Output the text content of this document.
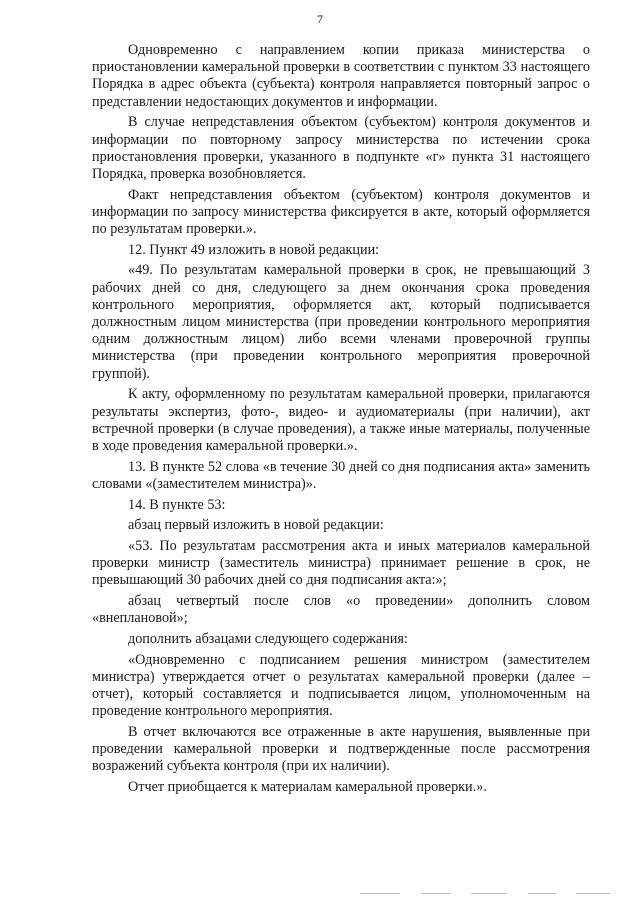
7

Одновременно с направлением копии приказа министерства о приостановлении камеральной проверки в соответствии с пунктом 33 настоящего Порядка в адрес объекта (субъекта) контроля направляется повторный запрос о представлении недостающих документов и информации.

В случае непредставления объектом (субъектом) контроля документов и информации по повторному запросу министерства по истечении срока приостановления проверки, указанного в подпункте «г» пункта 31 настоящего Порядка, проверка возобновляется.

Факт непредставления объектом (субъектом) контроля документов и информации по запросу министерства фиксируется в акте, который оформляется по результатам проверки.».

12. Пункт 49 изложить в новой редакции:

«49. По результатам камеральной проверки в срок, не превышающий 3 рабочих дней со дня, следующего за днем окончания срока проведения контрольного мероприятия, оформляется акт, который подписывается должностным лицом министерства (при проведении контрольного мероприятия одним должностным лицом) либо всеми членами проверочной группы министерства (при проведении контрольного мероприятия проверочной группой).

К акту, оформленному по результатам камеральной проверки, прилагаются результаты экспертиз, фото-, видео- и аудиоматериалы (при наличии), акт встречной проверки (в случае проведения), а также иные материалы, полученные в ходе проведения камеральной проверки.».

13. В пункте 52 слова «в течение 30 дней со дня подписания акта» заменить словами «(заместителем министра)».

14. В пункте 53:

абзац первый изложить в новой редакции:

«53. По результатам рассмотрения акта и иных материалов камеральной проверки министр (заместитель министра) принимает решение в срок, не превышающий 30 рабочих дней со дня подписания акта:»;

абзац четвертый после слов «о проведении» дополнить словом «внеплановой»;

дополнить абзацами следующего содержания:

«Одновременно с подписанием решения министром (заместителем министра) утверждается отчет о результатах камеральной проверки (далее – отчет), который составляется и подписывается лицом, уполномоченным на проведение контрольного мероприятия.

В отчет включаются все отраженные в акте нарушения, выявленные при проведении камеральной проверки и подтвержденные после рассмотрения возражений субъекта контроля (при их наличии).

Отчет приобщается к материалам камеральной проверки.».
